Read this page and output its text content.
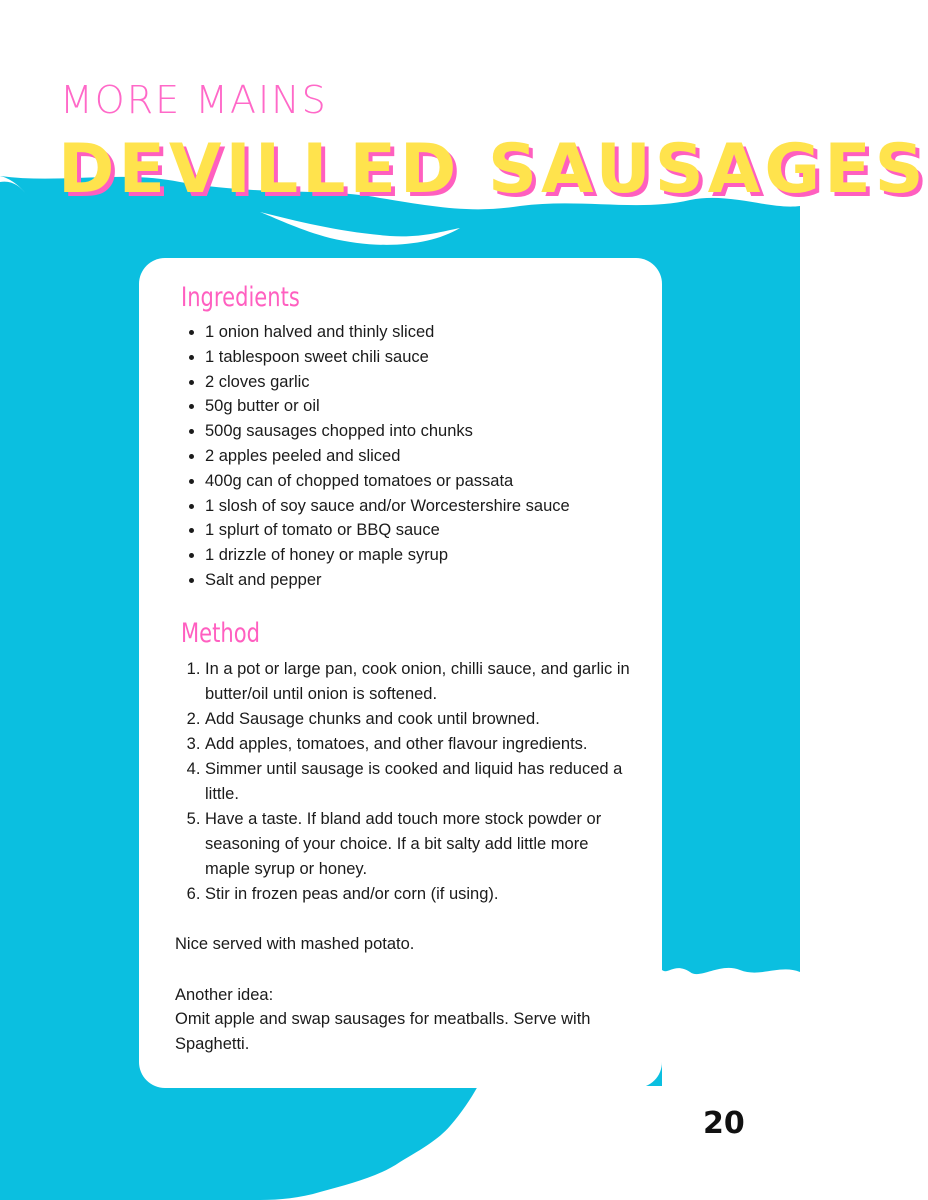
MORE MAINS
DEVILLED SAUSAGES
Ingredients
• 1 onion halved and thinly sliced
• 1 tablespoon sweet chili sauce
• 2 cloves garlic
• 50g butter or oil
• 500g sausages chopped into chunks
• 2 apples peeled and sliced
• 400g can of chopped tomatoes or passata
• 1 slosh of soy sauce and/or Worcestershire sauce
• 1 splurt of tomato or BBQ sauce
• 1 drizzle of honey or maple syrup
• Salt and pepper
Method
1. In a pot or large pan, cook onion, chilli sauce, and garlic in butter/oil until onion is softened.
2. Add Sausage chunks and cook until browned.
3. Add apples, tomatoes, and other flavour ingredients.
4. Simmer until sausage is cooked and liquid has reduced a little.
5. Have a taste. If bland add touch more stock powder or seasoning of your choice. If a bit salty add little more maple syrup or honey.
6. Stir in frozen peas and/or corn (if using).
Nice served with mashed potato.
Another idea:
Omit apple and swap sausages for meatballs. Serve with Spaghetti.
20
